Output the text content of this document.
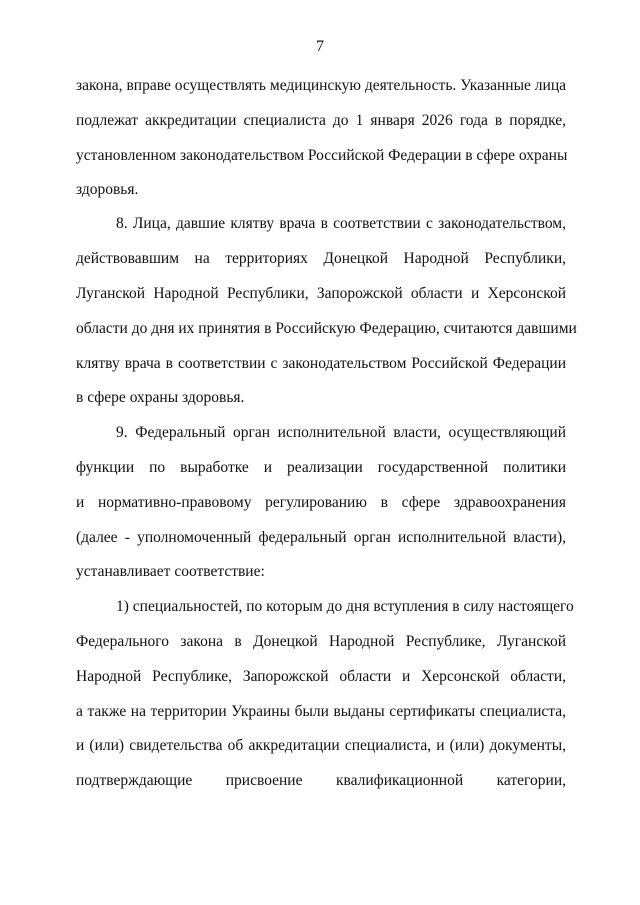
7
закона, вправе осуществлять медицинскую деятельность. Указанные лица
подлежат аккредитации специалиста до 1 января 2026 года в порядке,
установленном законодательством Российской Федерации в сфере охраны
здоровья.
8. Лица, давшие клятву врача в соответствии с законодательством,
действовавшим на территориях Донецкой Народной Республики,
Луганской Народной Республики, Запорожской области и Херсонской
области до дня их принятия в Российскую Федерацию, считаются давшими
клятву врача в соответствии с законодательством Российской Федерации
в сфере охраны здоровья.
9. Федеральный орган исполнительной власти, осуществляющий
функции по выработке и реализации государственной политики
и нормативно-правовому регулированию в сфере здравоохранения
(далее - уполномоченный федеральный орган исполнительной власти),
устанавливает соответствие:
1) специальностей, по которым до дня вступления в силу настоящего
Федерального закона в Донецкой Народной Республике, Луганской
Народной Республике, Запорожской области и Херсонской области,
а также на территории Украины были выданы сертификаты специалиста,
и (или) свидетельства об аккредитации специалиста, и (или) документы,
подтверждающие присвоение квалификационной категории,
